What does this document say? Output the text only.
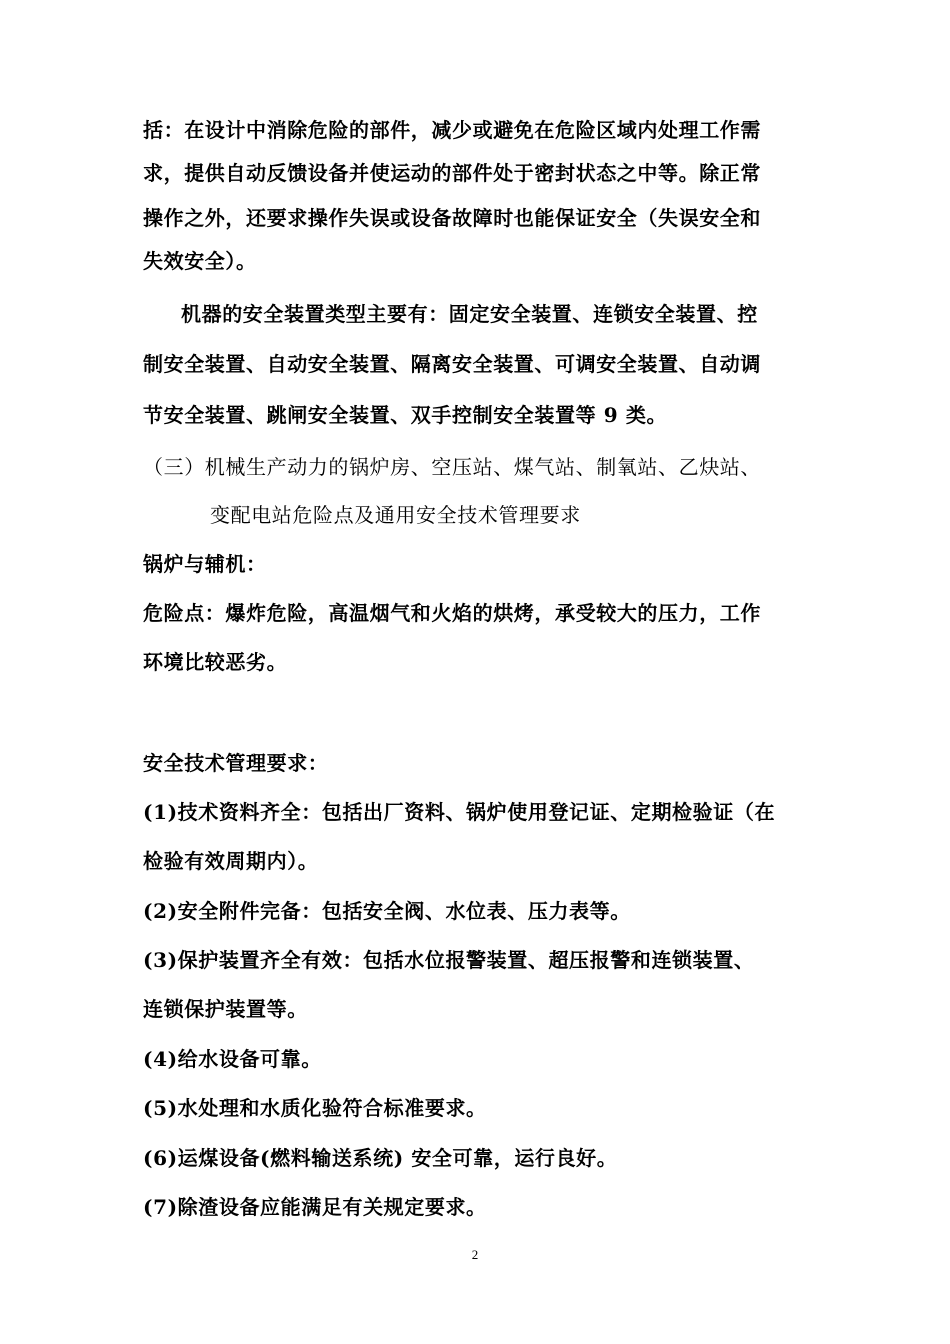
括：在设计中消除危险的部件，减少或避免在危险区域内处理工作需
求，提供自动反馈设备并使运动的部件处于密封状态之中等。除正常
操作之外，还要求操作失误或设备故障时也能保证安全（失误安全和
失效安全）。
机器的安全装置类型主要有：固定安全装置、连锁安全装置、控
制安全装置、自动安全装置、隔离安全装置、可调安全装置、自动调
节安全装置、跳闸安全装置、双手控制安全装置等 9 类。
（三）机械生产动力的锅炉房、空压站、煤气站、制氧站、乙炔站、
变配电站危险点及通用安全技术管理要求
锅炉与辅机：
危险点：爆炸危险，高温烟气和火焰的烘烤，承受较大的压力，工作
环境比较恶劣。
安全技术管理要求：
(1)技术资料齐全：包括出厂资料、锅炉使用登记证、定期检验证（在
检验有效周期内）。
(2)安全附件完备：包括安全阀、水位表、压力表等。
(3)保护装置齐全有效：包括水位报警装置、超压报警和连锁装置、
连锁保护装置等。
(4)给水设备可靠。
(5)水处理和水质化验符合标准要求。
(6)运煤设备(燃料输送系统) 安全可靠，运行良好。
(7)除渣设备应能满足有关规定要求。
2
